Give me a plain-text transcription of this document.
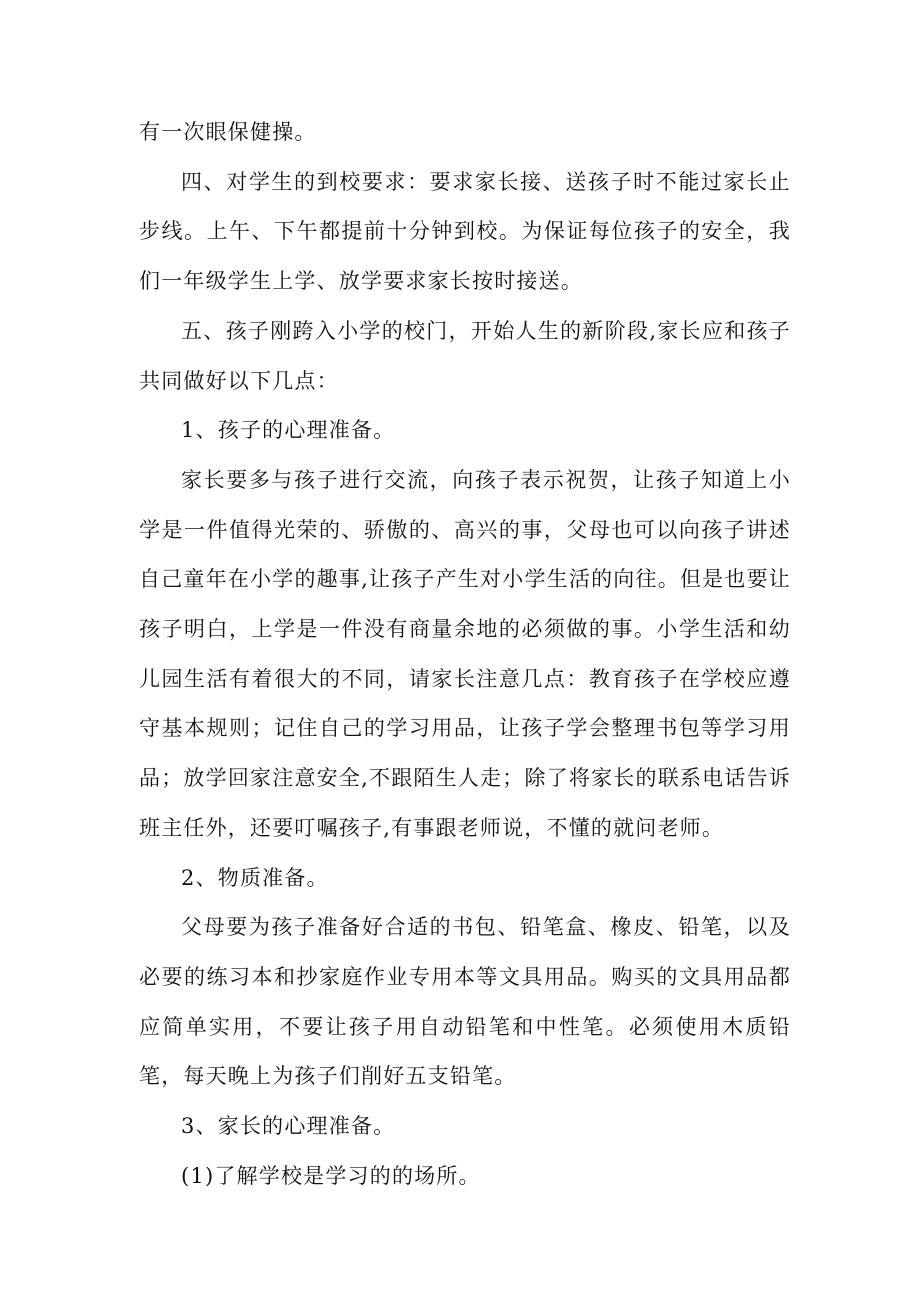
有一次眼保健操。

四、对学生的到校要求：要求家长接、送孩子时不能过家长止步线。上午、下午都提前十分钟到校。为保证每位孩子的安全，我们一年级学生上学、放学要求家长按时接送。

五、孩子刚跨入小学的校门，开始人生的新阶段,家长应和孩子共同做好以下几点：

1、孩子的心理准备。

家长要多与孩子进行交流，向孩子表示祝贺，让孩子知道上小学是一件值得光荣的、骄傲的、高兴的事，父母也可以向孩子讲述自己童年在小学的趣事,让孩子产生对小学生活的向往。但是也要让孩子明白，上学是一件没有商量余地的必须做的事。小学生活和幼儿园生活有着很大的不同，请家长注意几点：教育孩子在学校应遵守基本规则；记住自己的学习用品，让孩子学会整理书包等学习用品；放学回家注意安全,不跟陌生人走；除了将家长的联系电话告诉班主任外，还要叮嘱孩子,有事跟老师说，不懂的就问老师。

2、物质准备。

父母要为孩子准备好合适的书包、铅笔盒、橡皮、铅笔，以及必要的练习本和抄家庭作业专用本等文具用品。购买的文具用品都应简单实用，不要让孩子用自动铅笔和中性笔。必须使用木质铅笔，每天晚上为孩子们削好五支铅笔。

3、家长的心理准备。

(1)了解学校是学习的的场所。
